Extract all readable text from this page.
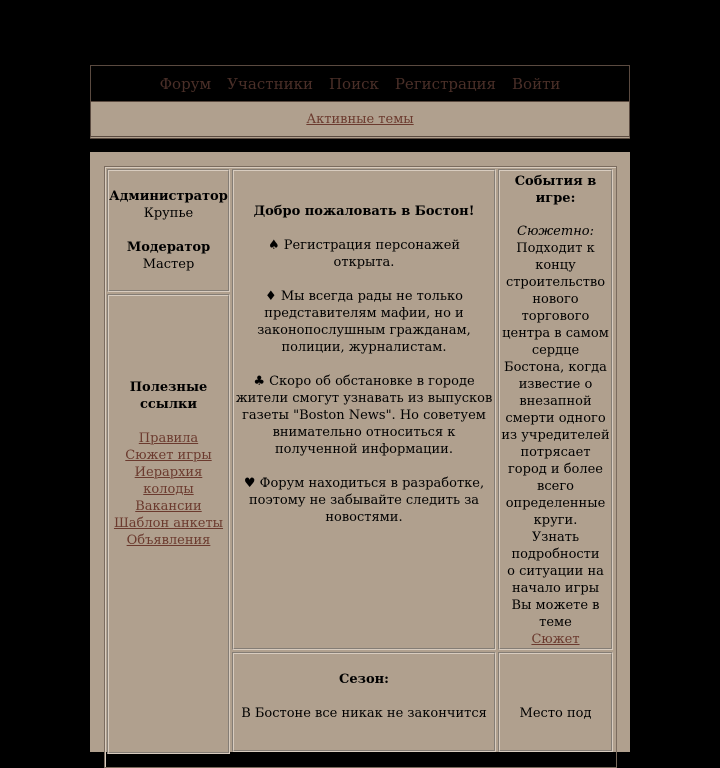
Форум Участники Поиск Регистрация Войти
Активные темы
Администратор
Крупье
Модератор
Мастер
Полезные ссылки
Правила
Сюжет игры
Иерархия колоды
Вакансии
Шаблон анкеты
Объявления
Добро пожаловать в Бостон!
♠ Регистрация персонажей открыта.
♦ Мы всегда рады не только представителям мафии, но и законопослушным гражданам, полиции, журналистам.
♣ Скоро об обстановке в городе жители смогут узнавать из выпусков газеты "Boston News". Но советуем внимательно относиться к полученной информации.
♥ Форум находиться в разработке, поэтому не забывайте следить за новостями.
События в игре:
Сюжетно:
Подходит к концу строительство нового торгового центра в самом сердце Бостона, когда известие о внезапной смерти одного из учредителей потрясает город и более всего определенные круги.
Узнать подробности о ситуации на начало игры Вы можете в теме
Сюжет
Сезон:
В Бостоне все никак не закончится	Место под
